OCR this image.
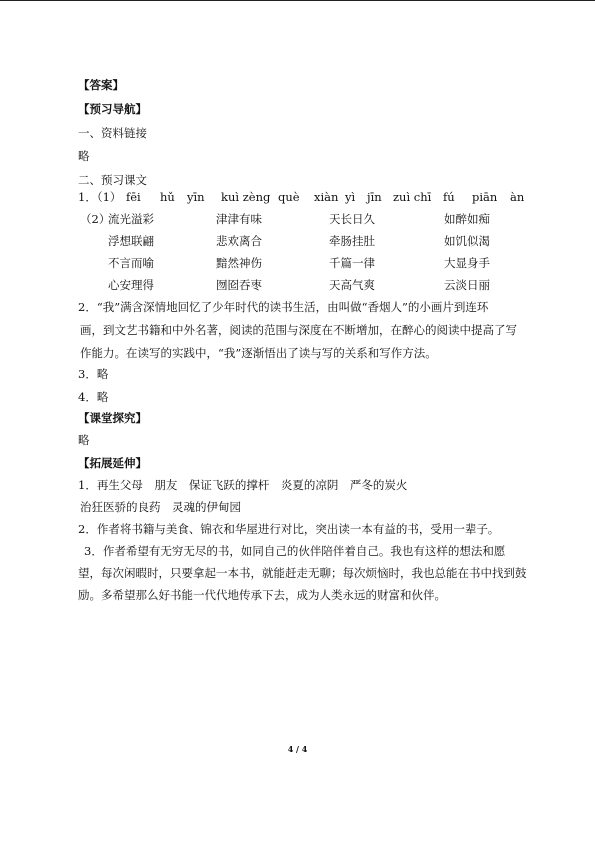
【答案】
【预习导航】
一、资料链接
略
二、预习课文
1．（1） fēi hǔ yīn kuì zèng què xiàn yì jīn zuì chī fú piān àn
（2）
流光溢彩	津津有味	天长日久	如醉如痴
浮想联翩	悲欢离合	牵肠挂肚	如饥似渴
不言而喻	黯然神伤	千篇一律	大显身手
心安理得	囫囵吞枣	天高气爽	云淡日丽
2．“我”满含深情地回忆了少年时代的读书生活，由叫做“香烟人”的小画片到连环
画，到文艺书籍和中外名著，阅读的范围与深度在不断增加，在醉心的阅读中提高了写
作能力。在读写的实践中，“我”逐渐悟出了读与写的关系和写作方法。
3．略
4．略
【课堂探究】
略
【拓展延伸】
1．再生父母　朋友　保证飞跃的撑杆　炎夏的凉阴　严冬的炭火
治狂医骄的良药　灵魂的伊甸园
2．作者将书籍与美食、锦衣和华屋进行对比，突出读一本有益的书，受用一辈子。
3．作者希望有无穷无尽的书，如同自己的伙伴陪伴着自己。我也有这样的想法和愿
望，每次闲暇时，只要拿起一本书，就能赶走无聊；每次烦恼时，我也总能在书中找到鼓
励。多希望那么好书能一代代地传承下去，成为人类永远的财富和伙伴。
4 / 4
